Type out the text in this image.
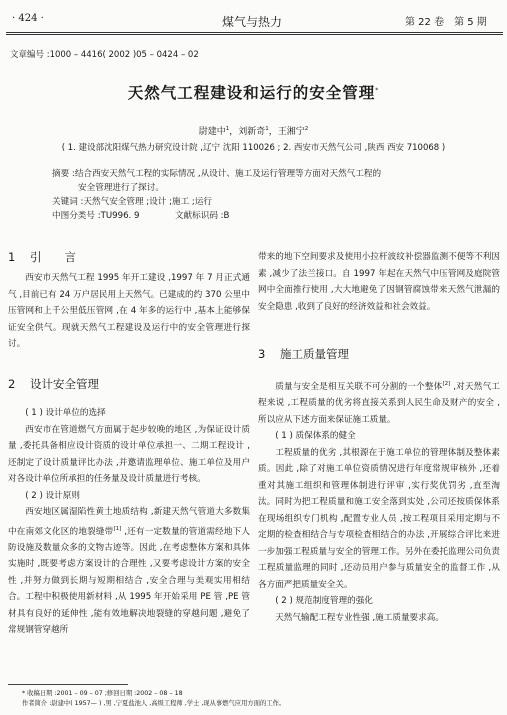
· 424 ·	煤气与热力	第 22 卷　第 5 期
文章编号 :1000 – 4416( 2002 )05 – 0424 – 02
天然气工程建设和运行的安全管理*
尉建中$^1$，刘新奇$^1$，王湘宁$^2$
( 1. 建设部沈阳煤气热力研究设计院 ,辽宁 沈阳 110026 ; 2. 西安市天然气公司 ,陕西 西安 710068 )
摘要 :结合西安天然气工程的实际情况 ,从设计、施工及运行管理等方面对天然气工程的
安全管理进行了探讨。
关键词 :天然气安全管理 ;设计 ;施工 ;运行
中图分类号 :TU996. 9	文献标识码 :B
1 引　　言

西安市天然气工程 1995 年开工建设 ,1997 年 7 月正式通气 ,目前已有 24 万户居民用上天然气。已建成的约 370 公里中压管网和上千公里低压管网 ,在 4 年多的运行中 ,基本上能够保证安全供气。现就天然气工程建设及运行中的安全管理进行探讨。

2 设计安全管理

( 1 ) 设计单位的选择

西安市在管道燃气方面属于起步较晚的地区 ,为保证设计质量 ,委托具备相应设计资质的设计单位承担一、二期工程设计 ,还制定了设计质量评比办法 ,并邀请监理单位、施工单位及用户对各设计单位所承担的任务量及设计质量进行考核。

( 2 ) 设计原则

西安地区属湿陷性黄土地质结构 ,新建天然气管道大多数集中在南郊文化区的地裂缝带[1] ,还有一定数量的管道需经地下人防设施及数量众多的文物古迹等。因此 ,在考虑整体方案和具体实施时 ,既要考虑方案设计的合理性 ,又要考虑设计方案的安全性 ,并努力做到长期与短期相结合 ,安全合理与美观实用相结合。工程中积极使用新材料 ,从 1995 年开始采用 PE 管 ,PE 管材具有良好的延伸性 ,能有效地解决地裂缝的穿越问题 ,避免了常规钢管穿越所

带来的地下空间要求及使用小拉杆波纹补偿器监测不便等不利因素 ,减少了法兰接口。自 1997 年起在天然气中压管网及庭院管网中全面推行使用 ,大大地避免了因钢管腐蚀带来天然气泄漏的安全隐患 ,收到了良好的经济效益和社会效益。

3 施工质量管理

质量与安全是相互关联不可分割的一个整体[2] ,对天然气工程来说 ,工程质量的优劣将直接关系到人民生命及财产的安全 ,所以应从下述方面来保证施工质量。

( 1 ) 质保体系的健全

工程质量的优劣 ,其根源在于施工单位的管理体制及整体素质。因此 ,除了对施工单位资质情况进行年度常规审核外 ,还着重对其施工组织和管理体制进行评审 ,实行奖优罚劣 ,直至淘汰。同时为把工程质量和施工安全落到实处 ,公司还按质保体系在现场组织专门机构 ,配置专业人员 ,按工程项目采用定期与不定期的检查相结合与专项检查相结合的办法 ,开展综合评比来进一步加强工程质量与安全的管理工作。另外在委托监理公司负责工程质量监理的同时 ,还动员用户参与质量安全的监督工作 ,从各方面严把质量安全关。

( 2 ) 规范制度管理的强化

天然气输配工程专业性强 ,施工质量要求高。

* 收稿日期 :2001 – 09 – 07 ;修回日期 :2002 – 08 – 18
作者简介 :尉建中( 1957— ) ,男 ,宁夏盐池人 ,高级工程师 ,学士 ,现从事燃气应用方面的工作。
